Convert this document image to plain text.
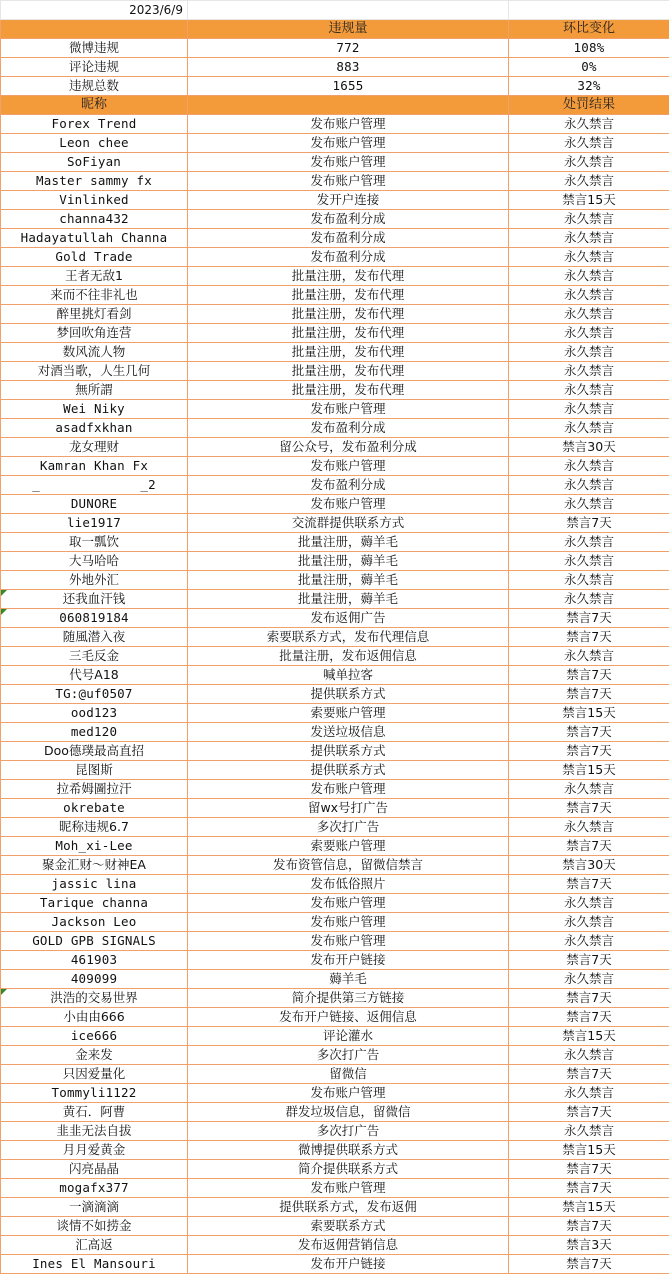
2023/6/9		
	违规量	环比变化
微博违规	772	108%
评论违规	883	0%
违规总数	1655	32%
昵称		处罚结果
Forex Trend	发布账户管理	永久禁言
Leon chee	发布账户管理	永久禁言
SoFiyan	发布账户管理	永久禁言
Master sammy fx	发布账户管理	永久禁言
Vinlinked	发开户连接	禁言15天
channa432	发布盈利分成	永久禁言
Hadayatullah Channa	发布盈利分成	永久禁言
Gold Trade	发布盈利分成	永久禁言
王者无敌1	批量注册，发布代理	永久禁言
来而不往非礼也	批量注册，发布代理	永久禁言
醉里挑灯看剑	批量注册，发布代理	永久禁言
梦回吹角连营	批量注册，发布代理	永久禁言
数风流人物	批量注册，发布代理	永久禁言
对酒当歌，人生几何	批量注册，发布代理	永久禁言
無所謂	批量注册，发布代理	永久禁言
Wei Niky	发布账户管理	永久禁言
asadfxkhan	发布盈利分成	永久禁言
龙女理财	留公众号，发布盈利分成	禁言30天
Kamran Khan Fx	发布账户管理	永久禁言
_             _2	发布盈利分成	永久禁言
DUNORE	发布账户管理	永久禁言
lie1917	交流群提供联系方式	禁言7天
取一瓢饮	批量注册，薅羊毛	永久禁言
大马哈哈	批量注册，薅羊毛	永久禁言
外地外汇	批量注册，薅羊毛	永久禁言

还我血汗钱	批量注册，薅羊毛	永久禁言

060819184	发布返佣广告	禁言7天
随風潜入夜	索要联系方式，发布代理信息	禁言7天
三毛反金	批量注册，发布返佣信息	永久禁言
代号A18	喊单拉客	禁言7天
TG:@uf0507	提供联系方式	禁言7天
ood123	索要账户管理	禁言15天
med120	发送垃圾信息	禁言7天
Doo德璞最高直招	提供联系方式	禁言7天
昆图斯	提供联系方式	禁言15天
拉希姆圖拉汗	发布账户管理	永久禁言
okrebate	留wx号打广告	禁言7天
昵称违规6.7	多次打广告	永久禁言
Moh_xi-Lee	索要账户管理	禁言7天
聚金汇财～财神EA	发布资管信息，留微信禁言	禁言30天
jassic lina	发布低俗照片	禁言7天
Tarique channa	发布账户管理	永久禁言
Jackson Leo	发布账户管理	永久禁言
GOLD GPB SIGNALS	发布账户管理	永久禁言
461903	发布开户链接	禁言7天
409099	薅羊毛	永久禁言

洪浩的交易世界	简介提供第三方链接	禁言7天
小由由666	发布开户链接、返佣信息	禁言7天
ice666	评论灌水	禁言15天
金来发	多次打广告	永久禁言
只因爱量化	留微信	禁言7天
Tommyli1122	发布账户管理	永久禁言
黄石．阿曹	群发垃圾信息，留微信	禁言7天
韭韭无法自拔	多次打广告	永久禁言
月月爱黄金	微博提供联系方式	禁言15天
闪亮晶晶	简介提供联系方式	禁言7天
mogafx377	发布账户管理	禁言7天
一滴滴滴	提供联系方式，发布返佣	禁言15天
谈情不如捞金	索要联系方式	禁言7天
汇高返	发布返佣营销信息	禁言3天
Ines El Mansouri	发布开户链接	禁言7天
